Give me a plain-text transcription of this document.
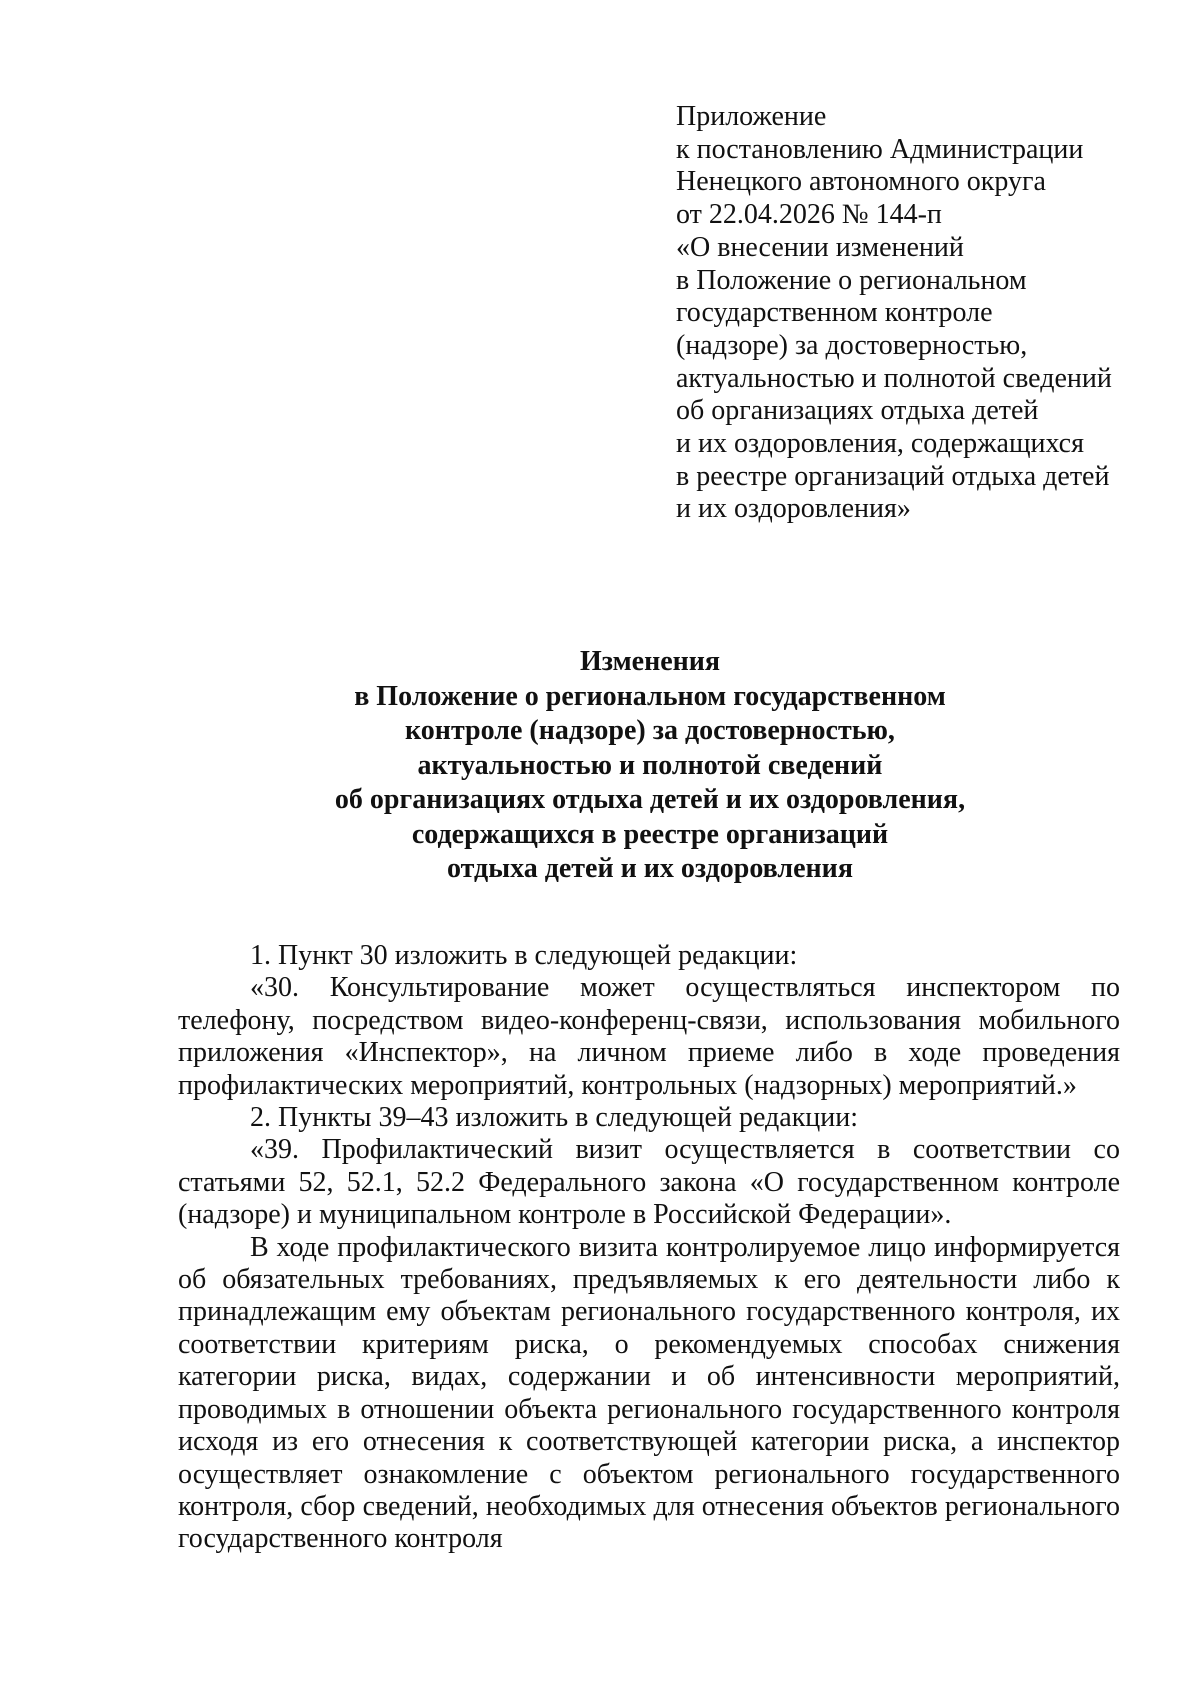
Приложение
к постановлению Администрации
Ненецкого автономного округа
от 22.04.2026 № 144-п
«О внесении изменений
в Положение о региональном
государственном контроле
(надзоре) за достоверностью,
актуальностью и полнотой сведений
об организациях отдыха детей
и их оздоровления, содержащихся
в реестре организаций отдыха детей
и их оздоровления»
Изменения
в Положение о региональном государственном
контроле (надзоре) за достоверностью,
актуальностью и полнотой сведений
об организациях отдыха детей и их оздоровления,
содержащихся в реестре организаций
отдыха детей и их оздоровления

1. Пункт 30 изложить в следующей редакции:

«30. Консультирование может осуществляться инспектором по телефону, посредством видео-конференц-связи, использования мобильного приложения «Инспектор», на личном приеме либо в ходе проведения профилактических мероприятий, контрольных (надзорных) мероприятий.»

2. Пункты 39–43 изложить в следующей редакции:

«39. Профилактический визит осуществляется в соответствии со статьями 52, 52.1, 52.2 Федерального закона «О государственном контроле (надзоре) и муниципальном контроле в Российской Федерации».

В ходе профилактического визита контролируемое лицо информируется об обязательных требованиях, предъявляемых к его деятельности либо к принадлежащим ему объектам регионального государственного контроля, их соответствии критериям риска, о рекомендуемых способах снижения категории риска, видах, содержании и об интенсивности мероприятий, проводимых в отношении объекта регионального государственного контроля исходя из его отнесения к соответствующей категории риска, а инспектор осуществляет ознакомление с объектом регионального государственного контроля, сбор сведений, необходимых для отнесения объектов регионального государственного контроля
